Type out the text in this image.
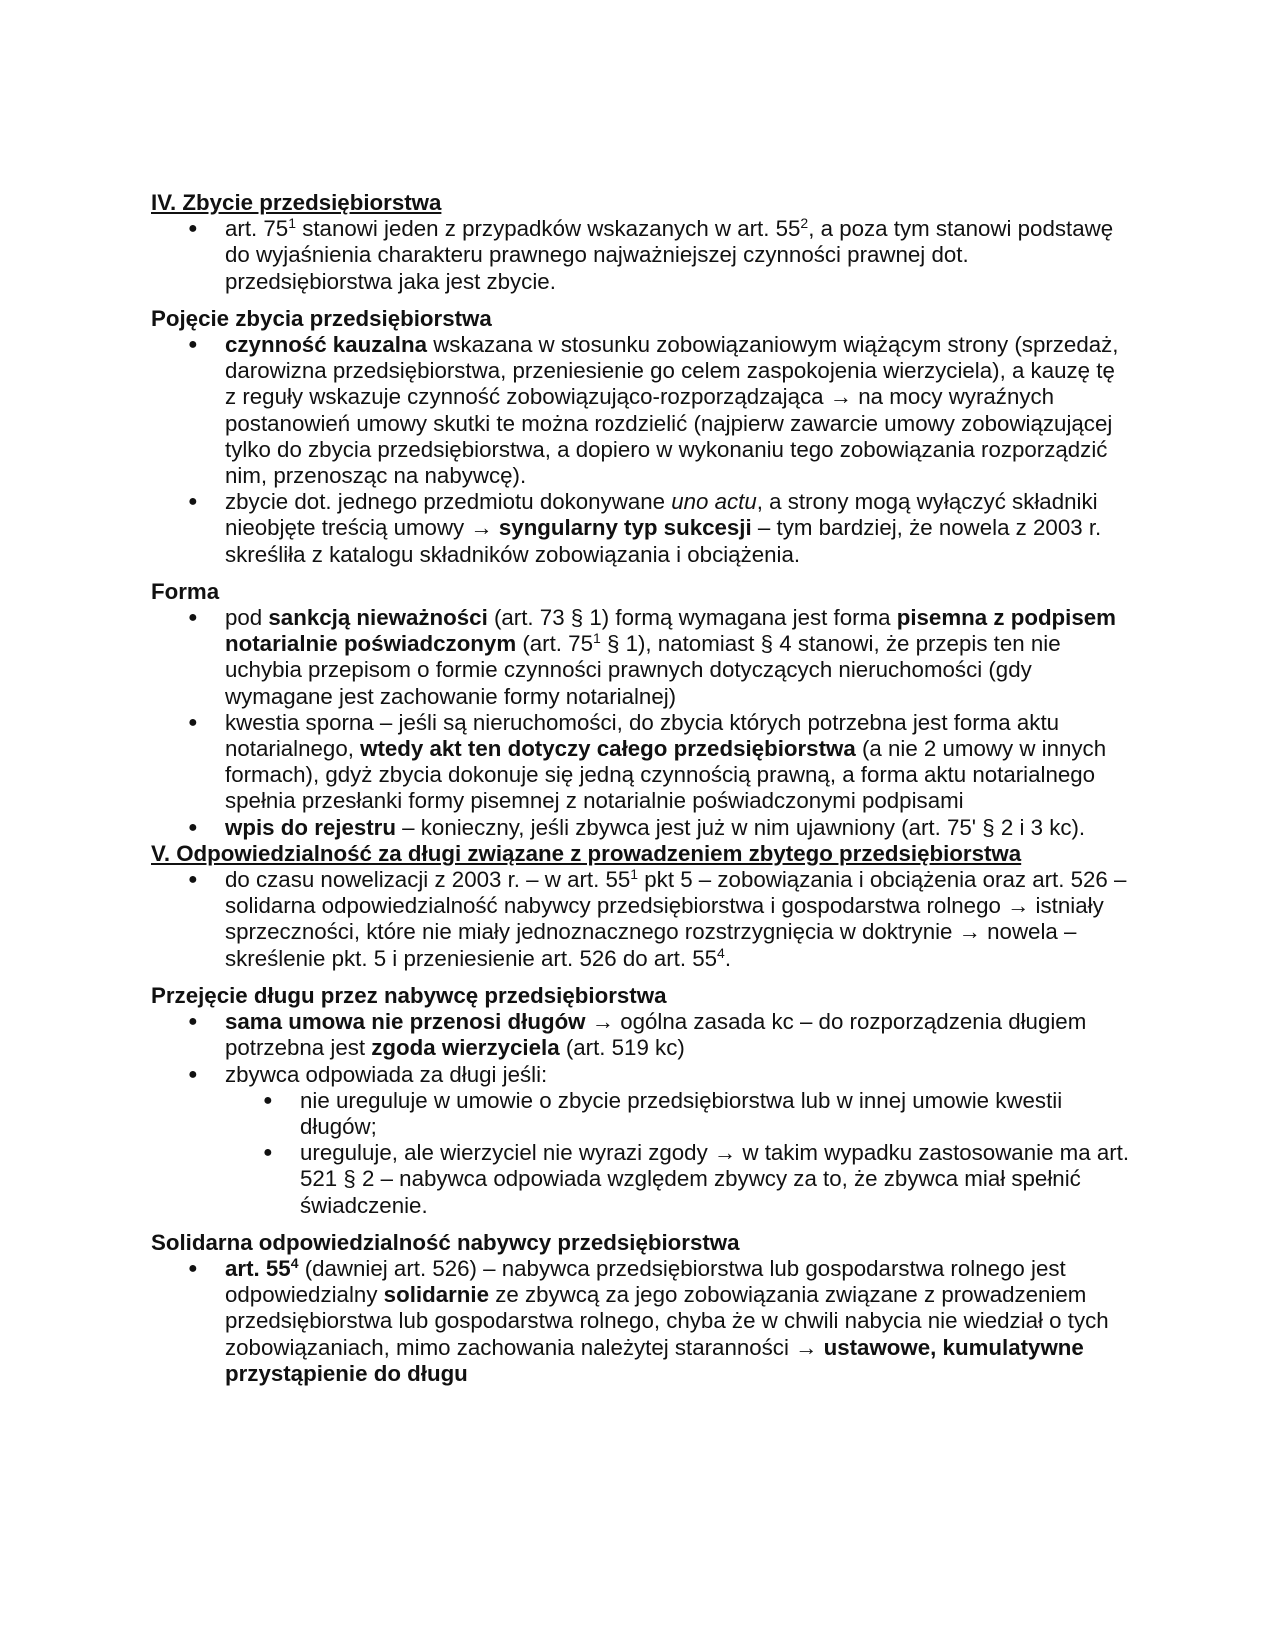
IV. Zbycie przedsiębiorstwa

● art. $75^1$ stanowi jeden z przypadków wskazanych w art. $55^2$, a poza tym stanowi podstawę do wyjaśnienia charakteru prawnego najważniejszej czynności prawnej dot. przedsiębiorstwa jaka jest zbycie.

Pojęcie zbycia przedsiębiorstwa

● czynność kauzalna wskazana w stosunku zobowiązaniowym wiążącym strony (sprzedaż, darowizna przedsiębiorstwa, przeniesienie go celem zaspokojenia wierzyciela), a kauzę tę z reguły wskazuje czynność zobowiązująco-rozporządzająca → na mocy wyraźnych postanowień umowy skutki te można rozdzielić (najpierw zawarcie umowy zobowiązującej tylko do zbycia przedsiębiorstwa, a dopiero w wykonaniu tego zobowiązania rozporządzić nim, przenosząc na nabywcę).
● zbycie dot. jednego przedmiotu dokonywane uno actu, a strony mogą wyłączyć składniki nieobjęte treścią umowy → syngularny typ sukcesji – tym bardziej, że nowela z 2003 r. skreśliła z katalogu składników zobowiązania i obciążenia.

Forma

● pod sankcją nieważności (art. 73 § 1) formą wymagana jest forma pisemna z podpisem notarialnie poświadczonym (art. $75^1$ § 1), natomiast § 4 stanowi, że przepis ten nie uchybia przepisom o formie czynności prawnych dotyczących nieruchomości (gdy wymagane jest zachowanie formy notarialnej)
● kwestia sporna – jeśli są nieruchomości, do zbycia których potrzebna jest forma aktu notarialnego, wtedy akt ten dotyczy całego przedsiębiorstwa (a nie 2 umowy w innych formach), gdyż zbycia dokonuje się jedną czynnością prawną, a forma aktu notarialnego spełnia przesłanki formy pisemnej z notarialnie poświadczonymi podpisami
● wpis do rejestru – konieczny, jeśli zbywca jest już w nim ujawniony (art. 75' § 2 i 3 kc).

V. Odpowiedzialność za długi związane z prowadzeniem zbytego przedsiębiorstwa

● do czasu nowelizacji z 2003 r. – w art. $55^1$ pkt 5 – zobowiązania i obciążenia oraz art. 526 – solidarna odpowiedzialność nabywcy przedsiębiorstwa i gospodarstwa rolnego → istniały sprzeczności, które nie miały jednoznacznego rozstrzygnięcia w doktrynie → nowela – skreślenie pkt. 5 i przeniesienie art. 526 do art. $55^4$.

Przejęcie długu przez nabywcę przedsiębiorstwa

● sama umowa nie przenosi długów → ogólna zasada kc – do rozporządzenia długiem potrzebna jest zgoda wierzyciela (art. 519 kc)
● zbywca odpowiada za długi jeśli:
● nie ureguluje w umowie o zbycie przedsiębiorstwa lub w innej umowie kwestii długów;
● ureguluje, ale wierzyciel nie wyrazi zgody → w takim wypadku zastosowanie ma art. 521 § 2 – nabywca odpowiada względem zbywcy za to, że zbywca miał spełnić świadczenie.

Solidarna odpowiedzialność nabywcy przedsiębiorstwa

● art. $55^4$ (dawniej art. 526) – nabywca przedsiębiorstwa lub gospodarstwa rolnego jest odpowiedzialny solidarnie ze zbywcą za jego zobowiązania związane z prowadzeniem przedsiębiorstwa lub gospodarstwa rolnego, chyba że w chwili nabycia nie wiedział o tych zobowiązaniach, mimo zachowania należytej staranności → ustawowe, kumulatywne przystąpienie do długu
